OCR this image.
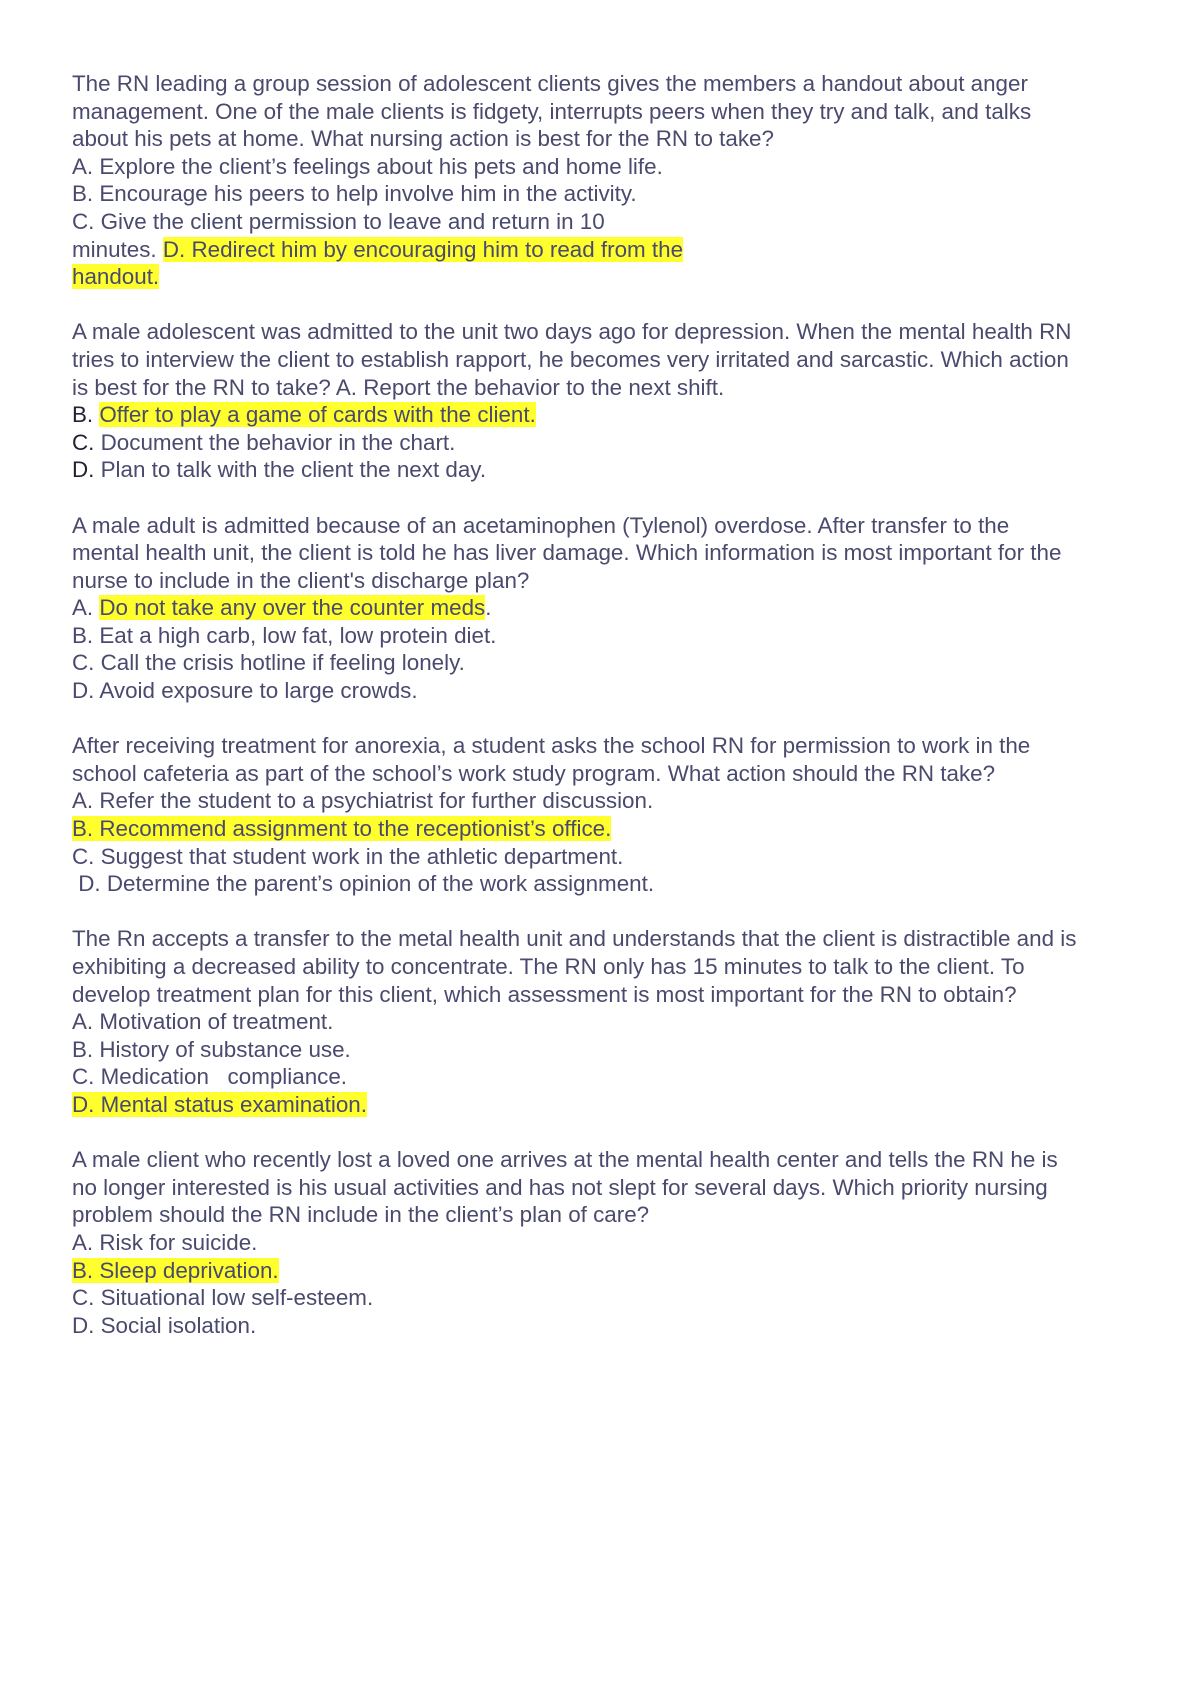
The RN leading a group session of adolescent clients gives the members a handout about anger
management. One of the male clients is fidgety, interrupts peers when they try and talk, and talks
about his pets at home. What nursing action is best for the RN to take?
A. Explore the client’s feelings about his pets and home life.
B. Encourage his peers to help involve him in the activity.
C. Give the client permission to leave and return in 10
minutes. D. Redirect him by encouraging him to read from the
handout.
A male adolescent was admitted to the unit two days ago for depression. When the mental health RN
tries to interview the client to establish rapport, he becomes very irritated and sarcastic. Which action
is best for the RN to take? A. Report the behavior to the next shift.
B. Offer to play a game of cards with the client.
C. Document the behavior in the chart.
D. Plan to talk with the client the next day.
A male adult is admitted because of an acetaminophen (Tylenol) overdose. After transfer to the
mental health unit, the client is told he has liver damage. Which information is most important for the
nurse to include in the client's discharge plan?
A. Do not take any over the counter meds.
B. Eat a high carb, low fat, low protein diet.
C. Call the crisis hotline if feeling lonely.
D. Avoid exposure to large crowds.
After receiving treatment for anorexia, a student asks the school RN for permission to work in the
school cafeteria as part of the school’s work study program. What action should the RN take?
A. Refer the student to a psychiatrist for further discussion.
B. Recommend assignment to the receptionist’s office.
C. Suggest that student work in the athletic department.
D. Determine the parent’s opinion of the work assignment.
The Rn accepts a transfer to the metal health unit and understands that the client is distractible and is
exhibiting a decreased ability to concentrate. The RN only has 15 minutes to talk to the client. To
develop treatment plan for this client, which assessment is most important for the RN to obtain?
A. Motivation of treatment.
B. History of substance use.
C. Medication   compliance.
D. Mental status examination.
A male client who recently lost a loved one arrives at the mental health center and tells the RN he is
no longer interested is his usual activities and has not slept for several days. Which priority nursing
problem should the RN include in the client’s plan of care?
A. Risk for suicide.
B. Sleep deprivation.
C. Situational low self-esteem.
D. Social isolation.
